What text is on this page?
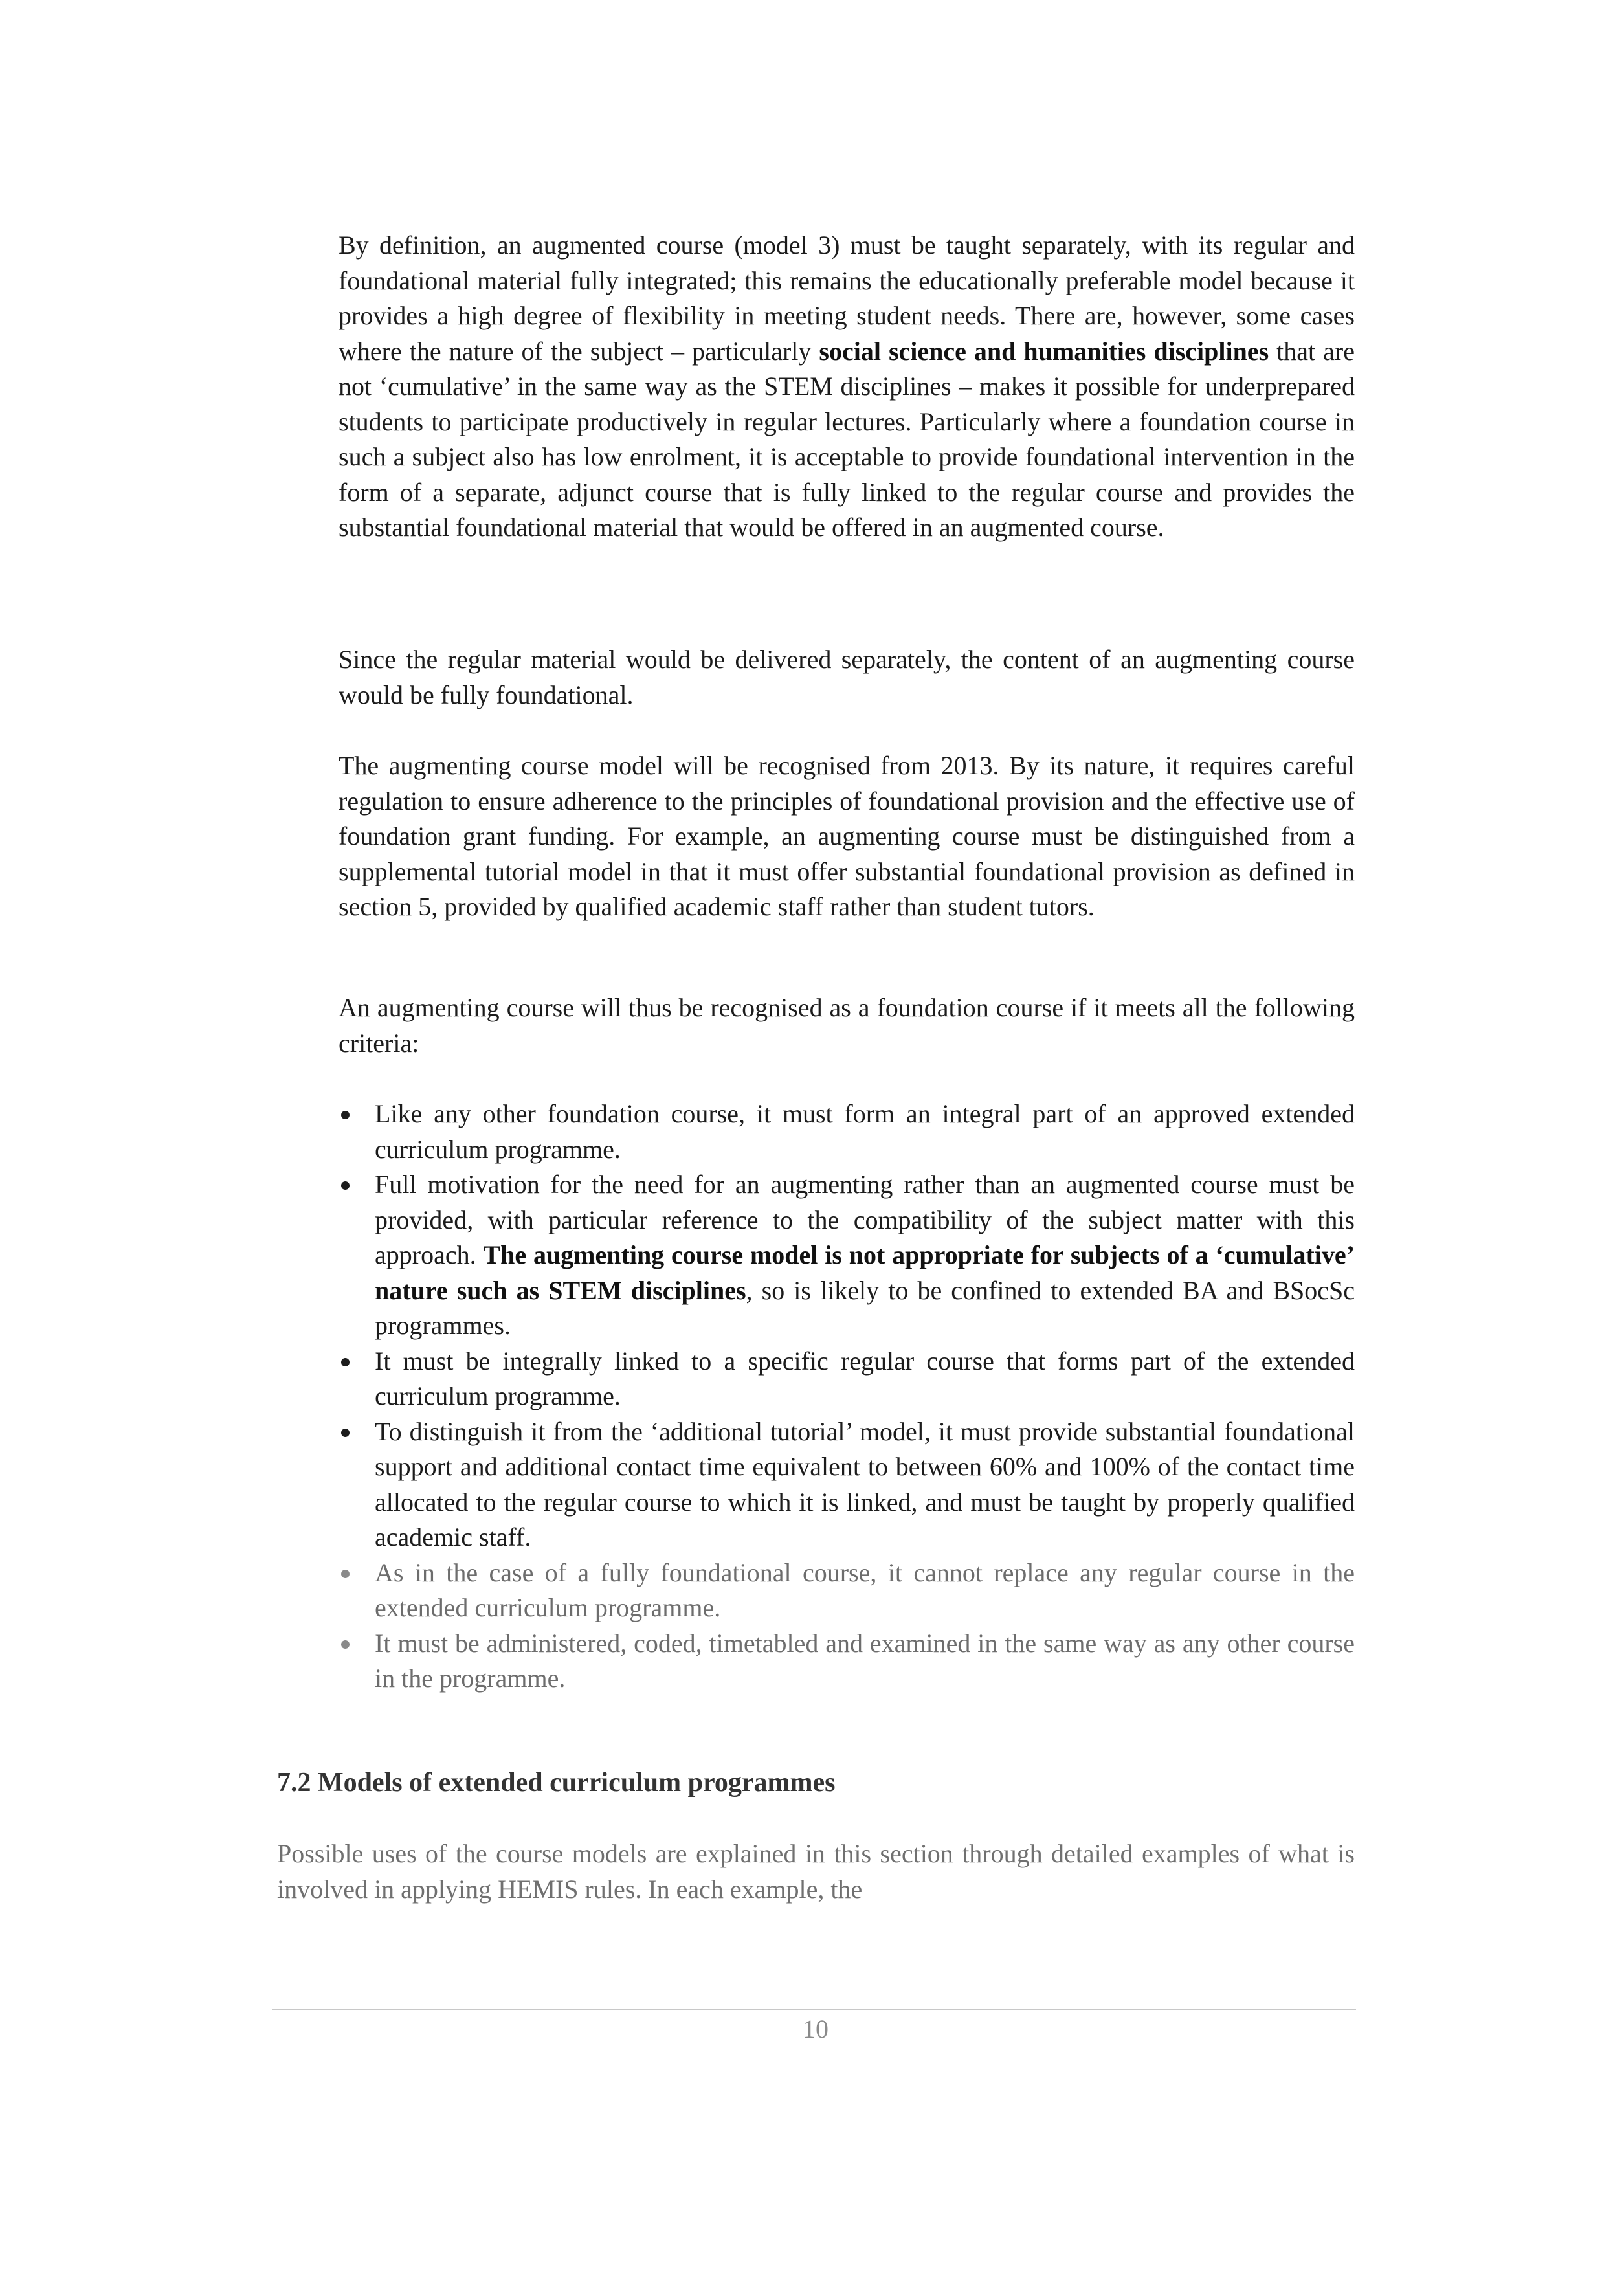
By definition, an augmented course (model 3) must be taught separately, with its regular and foundational material fully integrated; this remains the educationally preferable model because it provides a high degree of flexibility in meeting student needs. There are, however, some cases where the nature of the subject – particularly social science and humanities disciplines that are not ‘cumulative’ in the same way as the STEM disciplines – makes it possible for underprepared students to participate productively in regular lectures. Particularly where a foundation course in such a subject also has low enrolment, it is acceptable to provide foundational intervention in the form of a separate, adjunct course that is fully linked to the regular course and provides the substantial foundational material that would be offered in an augmented course.

Since the regular material would be delivered separately, the content of an augmenting course would be fully foundational.

The augmenting course model will be recognised from 2013. By its nature, it requires careful regulation to ensure adherence to the principles of foundational provision and the effective use of foundation grant funding. For example, an augmenting course must be distinguished from a supplemental tutorial model in that it must offer substantial foundational provision as defined in section 5, provided by qualified academic staff rather than student tutors.

An augmenting course will thus be recognised as a foundation course if it meets all the following criteria:

Like any other foundation course, it must form an integral part of an approved extended curriculum programme.
Full motivation for the need for an augmenting rather than an augmented course must be provided, with particular reference to the compatibility of the subject matter with this approach. The augmenting course model is not appropriate for subjects of a ‘cumulative’ nature such as STEM disciplines, so is likely to be confined to extended BA and BSocSc programmes.
It must be integrally linked to a specific regular course that forms part of the extended curriculum programme.
To distinguish it from the ‘additional tutorial’ model, it must provide substantial foundational support and additional contact time equivalent to between 60% and 100% of the contact time allocated to the regular course to which it is linked, and must be taught by properly qualified academic staff.
As in the case of a fully foundational course, it cannot replace any regular course in the extended curriculum programme.
It must be administered, coded, timetabled and examined in the same way as any other course in the programme.
7.2 Models of extended curriculum programmes

Possible uses of the course models are explained in this section through detailed examples of what is involved in applying HEMIS rules. In each example, the

10
